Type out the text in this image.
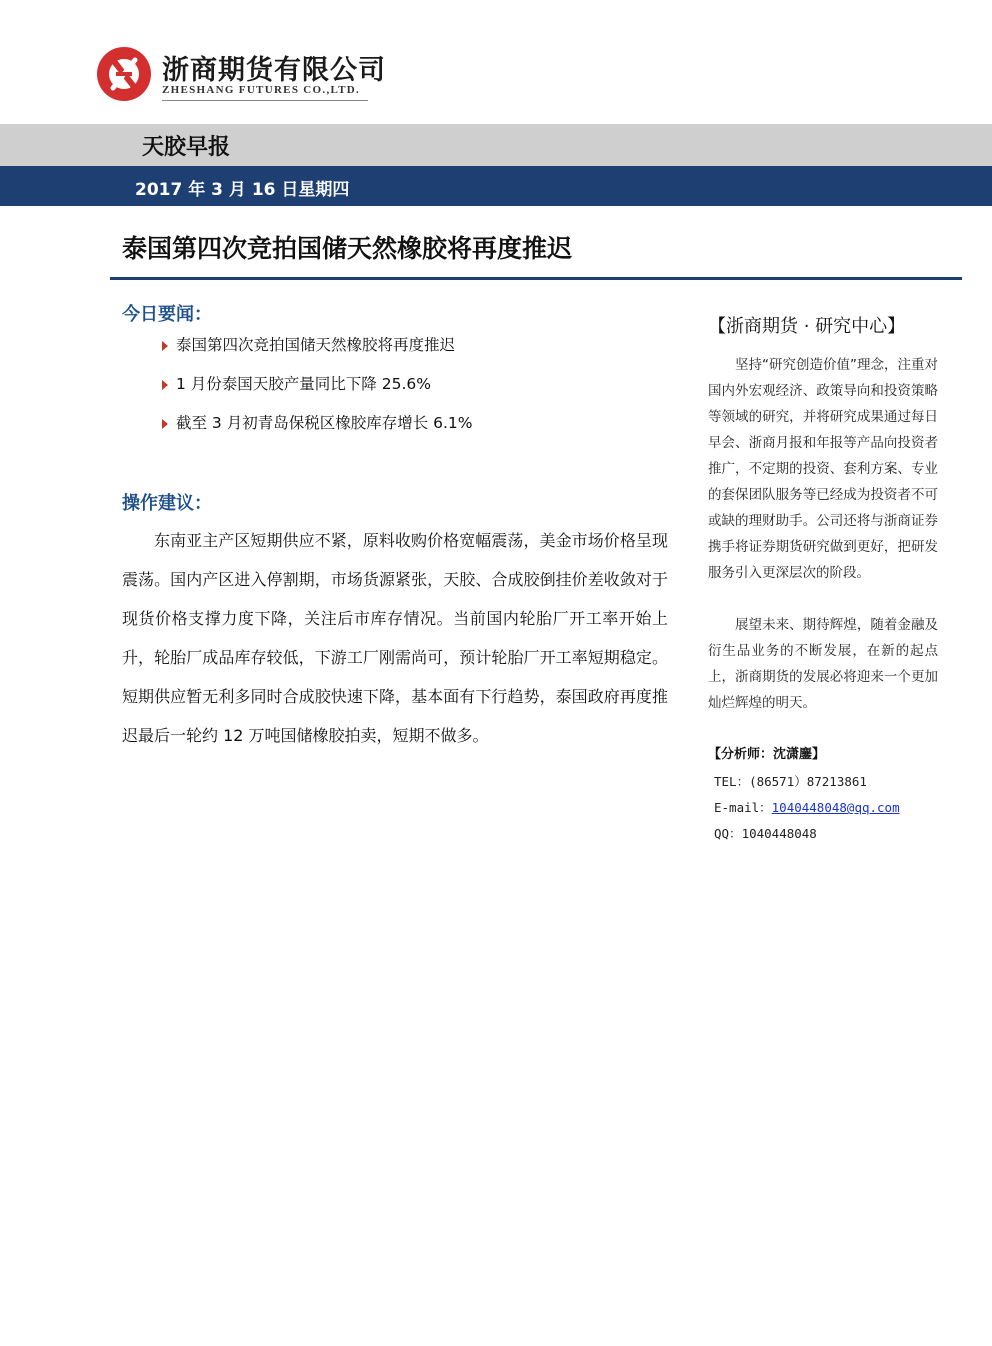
浙商期货有限公司
ZHESHANG FUTURES CO.,LTD.
天胶早报
2017 年 3 月 16 日星期四
泰国第四次竞拍国储天然橡胶将再度推迟
今日要闻：
泰国第四次竞拍国储天然橡胶将再度推迟
1 月份泰国天胶产量同比下降 25.6%
截至 3 月初青岛保税区橡胶库存增长 6.1%
操作建议：

东南亚主产区短期供应不紧，原料收购价格宽幅震荡，美金市场价格呈现震荡。国内产区进入停割期，市场货源紧张，天胶、合成胶倒挂价差收敛对于现货价格支撑力度下降，关注后市库存情况。当前国内轮胎厂开工率开始上升，轮胎厂成品库存较低，下游工厂刚需尚可，预计轮胎厂开工率短期稳定。短期供应暂无利多同时合成胶快速下降，基本面有下行趋势，泰国政府再度推迟最后一轮约 12 万吨国储橡胶拍卖，短期不做多。

【浙商期货 · 研究中心】

坚持“研究创造价值”理念，注重对国内外宏观经济、政策导向和投资策略等领域的研究，并将研究成果通过每日早会、浙商月报和年报等产品向投资者推广，不定期的投资、套利方案、专业的套保团队服务等已经成为投资者不可或缺的理财助手。公司还将与浙商证券携手将证券期货研究做到更好，把研发服务引入更深层次的阶段。

展望未来、期待辉煌，随着金融及衍生品业务的不断发展，在新的起点上，浙商期货的发展必将迎来一个更加灿烂辉煌的明天。

【分析师：沈潇鏖】
TEL：(86571）87213861
E-mail：1040448048@qq.com
QQ：1040448048
